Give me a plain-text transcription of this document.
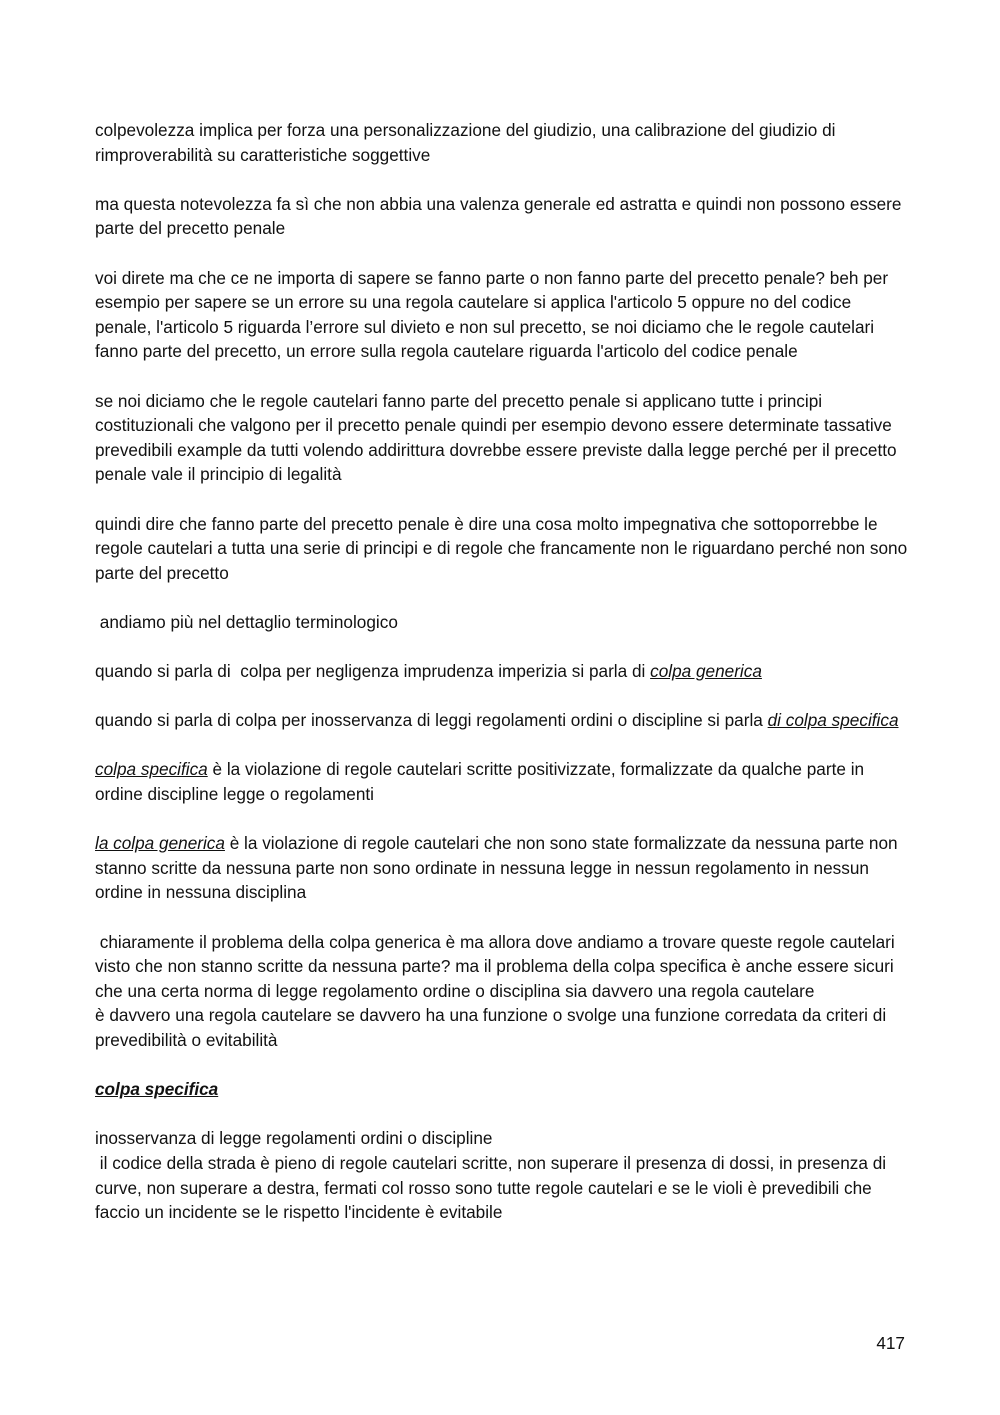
colpevolezza implica per forza una personalizzazione del giudizio, una calibrazione del giudizio di rimproverabilità su caratteristiche soggettive

ma questa notevolezza fa sì che non abbia una valenza generale ed astratta e quindi non possono essere parte del precetto penale

voi direte ma che ce ne importa di sapere se fanno parte o non fanno parte del precetto penale? beh per esempio per sapere se un errore su una regola cautelare si applica l'articolo 5 oppure no del codice penale, l'articolo 5 riguarda l’errore sul divieto e non sul precetto, se noi diciamo che le regole cautelari fanno parte del precetto, un errore sulla regola cautelare riguarda l'articolo del codice penale

se noi diciamo che le regole cautelari fanno parte del precetto penale si applicano tutte i principi costituzionali che valgono per il precetto penale quindi per esempio devono essere determinate tassative prevedibili example da tutti volendo addirittura dovrebbe essere previste dalla legge perché per il precetto penale vale il principio di legalità

quindi dire che fanno parte del precetto penale è dire una cosa molto impegnativa che sottoporrebbe le regole cautelari a tutta una serie di principi e di regole che francamente non le riguardano perché non sono parte del precetto

andiamo più nel dettaglio terminologico

quando si parla di  colpa per negligenza imprudenza imperizia si parla di colpa generica

quando si parla di colpa per inosservanza di leggi regolamenti ordini o discipline si parla di colpa specifica

colpa specifica è la violazione di regole cautelari scritte positivizzate, formalizzate da qualche parte in ordine discipline legge o regolamenti

la colpa generica è la violazione di regole cautelari che non sono state formalizzate da nessuna parte non stanno scritte da nessuna parte non sono ordinate in nessuna legge in nessun regolamento in nessun ordine in nessuna disciplina

chiaramente il problema della colpa generica è ma allora dove andiamo a trovare queste regole cautelari visto che non stanno scritte da nessuna parte? ma il problema della colpa specifica è anche essere sicuri che una certa norma di legge regolamento ordine o disciplina sia davvero una regola cautelare
è davvero una regola cautelare se davvero ha una funzione o svolge una funzione corredata da criteri di prevedibilità o evitabilità

colpa specifica

inosservanza di legge regolamenti ordini o discipline
il codice della strada è pieno di regole cautelari scritte, non superare il presenza di dossi, in presenza di curve, non superare a destra, fermati col rosso sono tutte regole cautelari e se le violi è prevedibili che faccio un incidente se le rispetto l'incidente è evitabile

417
